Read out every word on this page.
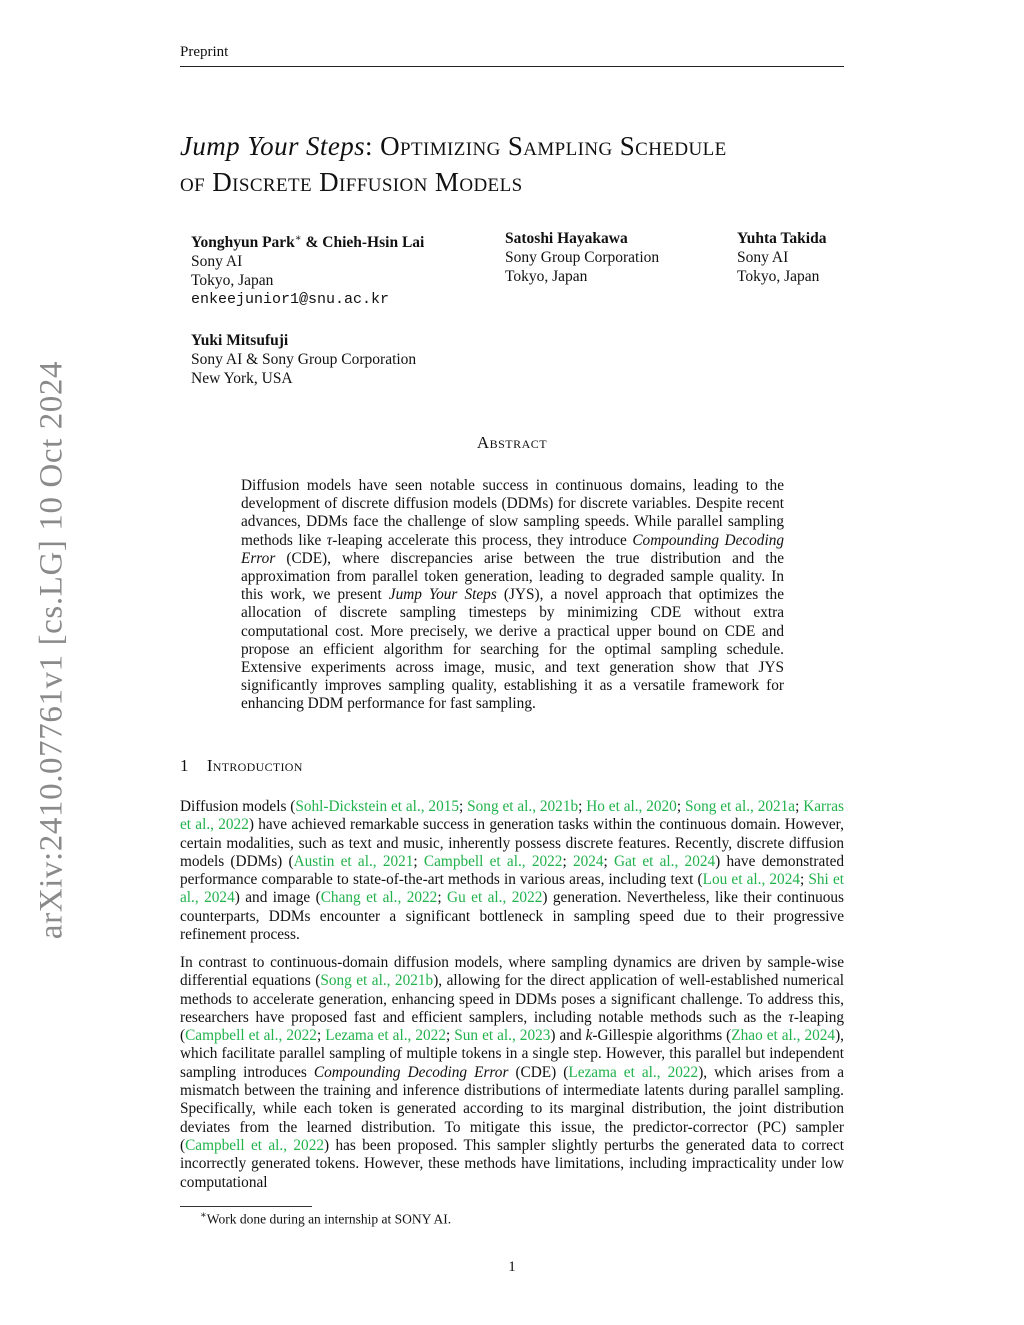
Preprint
Jump Your Steps: Optimizing Sampling Schedule
of Discrete Diffusion Models
Yonghyun Park∗ & Chieh-Hsin Lai
Sony AI
Tokyo, Japan
enkeejunior1@snu.ac.kr
Satoshi Hayakawa
Sony Group Corporation
Tokyo, Japan
Yuhta Takida
Sony AI
Tokyo, Japan
Yuki Mitsufuji
Sony AI & Sony Group Corporation
New York, USA
Abstract
Diffusion models have seen notable success in continuous domains, leading to the development of discrete diffusion models (DDMs) for discrete variables. Despite recent advances, DDMs face the challenge of slow sampling speeds. While parallel sampling methods like τ-leaping accelerate this process, they introduce Compounding Decoding Error (CDE), where discrepancies arise between the true distribution and the approximation from parallel token generation, leading to degraded sample quality. In this work, we present Jump Your Steps (JYS), a novel approach that optimizes the allocation of discrete sampling timesteps by minimizing CDE without extra computational cost. More precisely, we derive a practical upper bound on CDE and propose an efficient algorithm for searching for the optimal sampling schedule. Extensive experiments across image, music, and text generation show that JYS significantly improves sampling quality, establishing it as a versatile framework for enhancing DDM performance for fast sampling.
1 Introduction
Diffusion models (Sohl-Dickstein et al., 2015; Song et al., 2021b; Ho et al., 2020; Song et al., 2021a; Karras et al., 2022) have achieved remarkable success in generation tasks within the continuous domain. However, certain modalities, such as text and music, inherently possess discrete features. Recently, discrete diffusion models (DDMs) (Austin et al., 2021; Campbell et al., 2022; 2024; Gat et al., 2024) have demonstrated performance comparable to state-of-the-art methods in various areas, including text (Lou et al., 2024; Shi et al., 2024) and image (Chang et al., 2022; Gu et al., 2022) generation. Nevertheless, like their continuous counterparts, DDMs encounter a significant bottleneck in sampling speed due to their progressive refinement process.
In contrast to continuous-domain diffusion models, where sampling dynamics are driven by sample-wise differential equations (Song et al., 2021b), allowing for the direct application of well-established numerical methods to accelerate generation, enhancing speed in DDMs poses a significant challenge. To address this, researchers have proposed fast and efficient samplers, including notable methods such as the τ-leaping (Campbell et al., 2022; Lezama et al., 2022; Sun et al., 2023) and k-Gillespie algorithms (Zhao et al., 2024), which facilitate parallel sampling of multiple tokens in a single step. However, this parallel but independent sampling introduces Compounding Decoding Error (CDE) (Lezama et al., 2022), which arises from a mismatch between the training and inference distributions of intermediate latents during parallel sampling. Specifically, while each token is generated according to its marginal distribution, the joint distribution deviates from the learned distribution. To mitigate this issue, the predictor-corrector (PC) sampler (Campbell et al., 2022) has been proposed. This sampler slightly perturbs the generated data to correct incorrectly generated tokens. However, these methods have limitations, including impracticality under low computational
∗Work done during an internship at SONY AI.
1
arXiv:2410.07761v1 [cs.LG] 10 Oct 2024
